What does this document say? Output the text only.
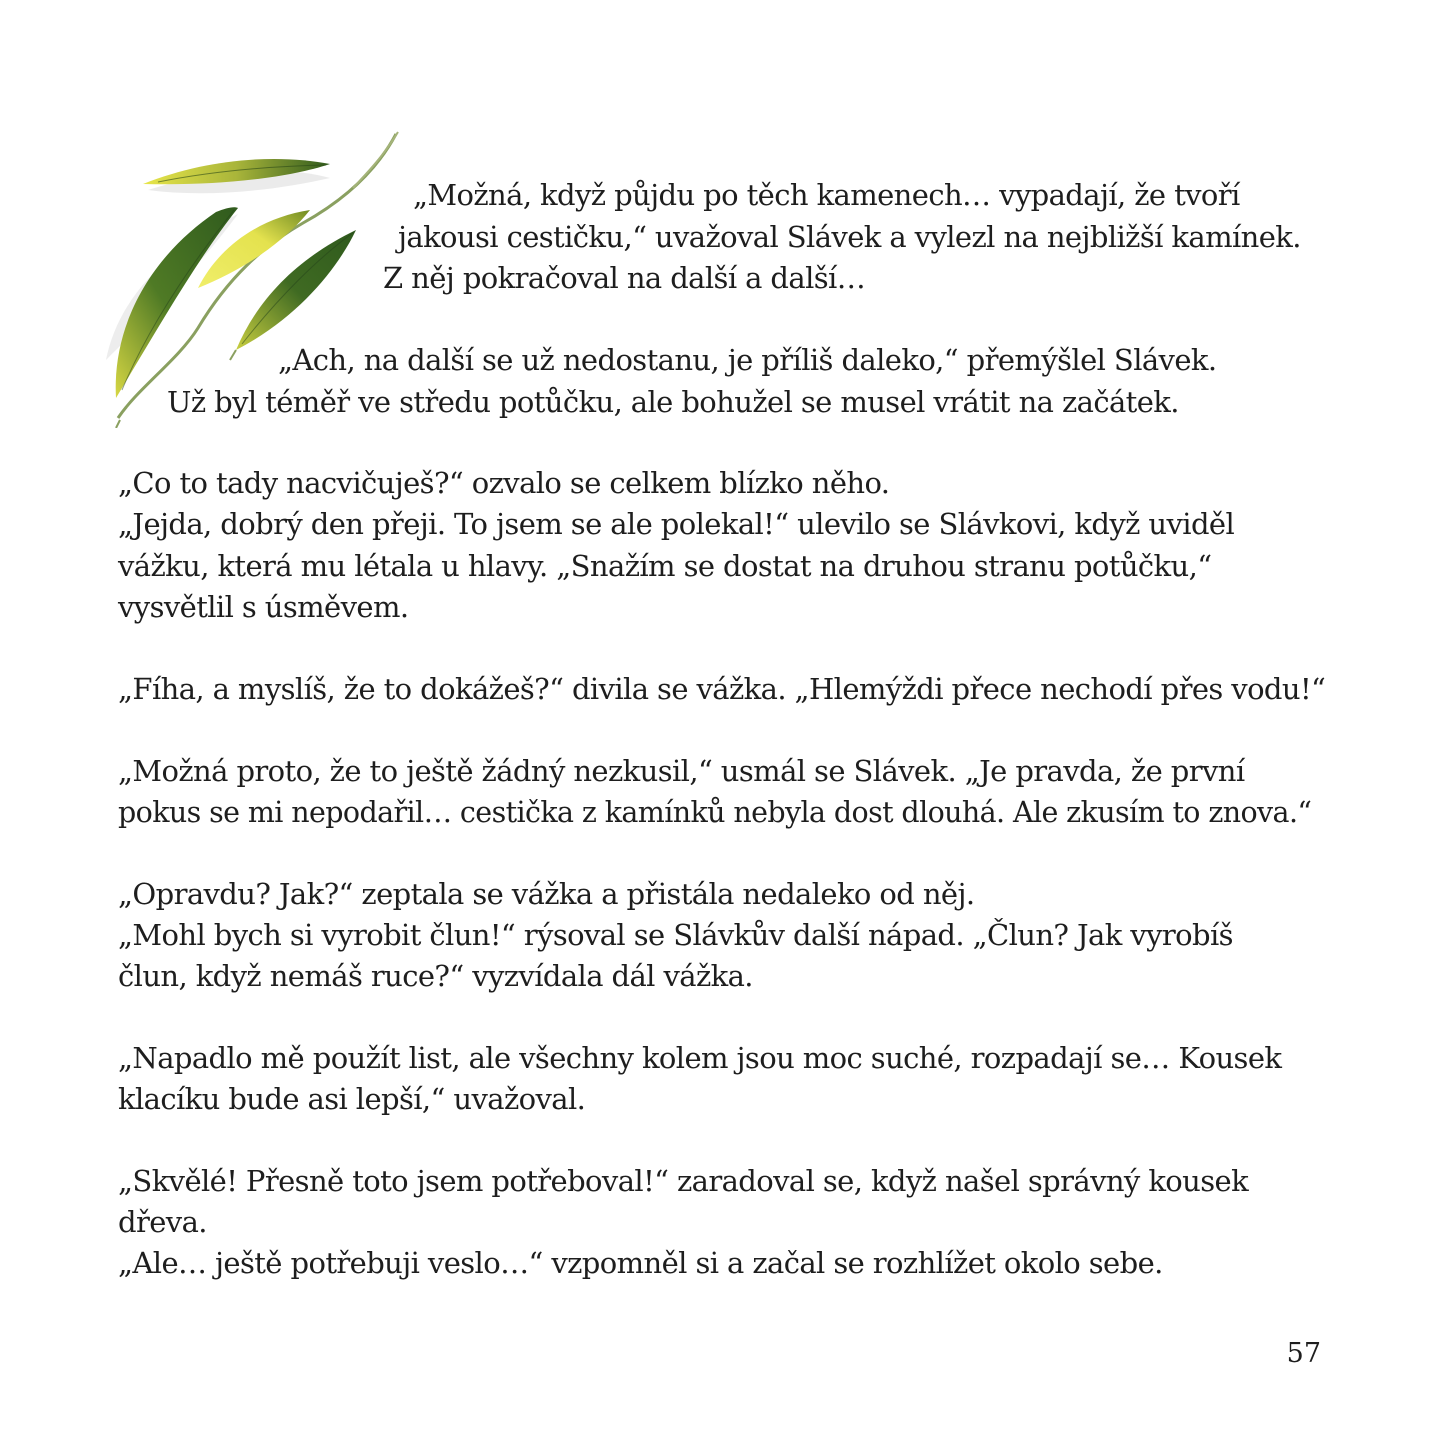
„Možná, když půjdu po těch kamenech… vypadají, že tvoří
jakousi cestičku,“ uvažoval Slávek a vylezl na nejbližší kamínek.
Z něj pokračoval na další a další…
„Ach, na další se už nedostanu, je příliš daleko,“ přemýšlel Slávek.
Už byl téměř ve středu potůčku, ale bohužel se musel vrátit na začátek.
„Co to tady nacvičuješ?“ ozvalo se celkem blízko něho.
„Jejda, dobrý den přeji. To jsem se ale polekal!“ ulevilo se Slávkovi, když uviděl
vážku, která mu létala u hlavy. „Snažím se dostat na druhou stranu potůčku,“
vysvětlil s úsměvem.
„Fíha, a myslíš, že to dokážeš?“ divila se vážka. „Hlemýždi přece nechodí přes vodu!“
„Možná proto, že to ještě žádný nezkusil,“ usmál se Slávek. „Je pravda, že první
pokus se mi nepodařil… cestička z kamínků nebyla dost dlouhá. Ale zkusím to znova.“
„Opravdu? Jak?“ zeptala se vážka a přistála nedaleko od něj.
„Mohl bych si vyrobit člun!“ rýsoval se Slávkův další nápad. „Člun? Jak vyrobíš
člun, když nemáš ruce?“ vyzvídala dál vážka.
„Napadlo mě použít list, ale všechny kolem jsou moc suché, rozpadají se… Kousek
klacíku bude asi lepší,“ uvažoval.
„Skvělé! Přesně toto jsem potřeboval!“ zaradoval se, když našel správný kousek
dřeva.
„Ale… ještě potřebuji veslo…“ vzpomněl si a začal se rozhlížet okolo sebe.
57
